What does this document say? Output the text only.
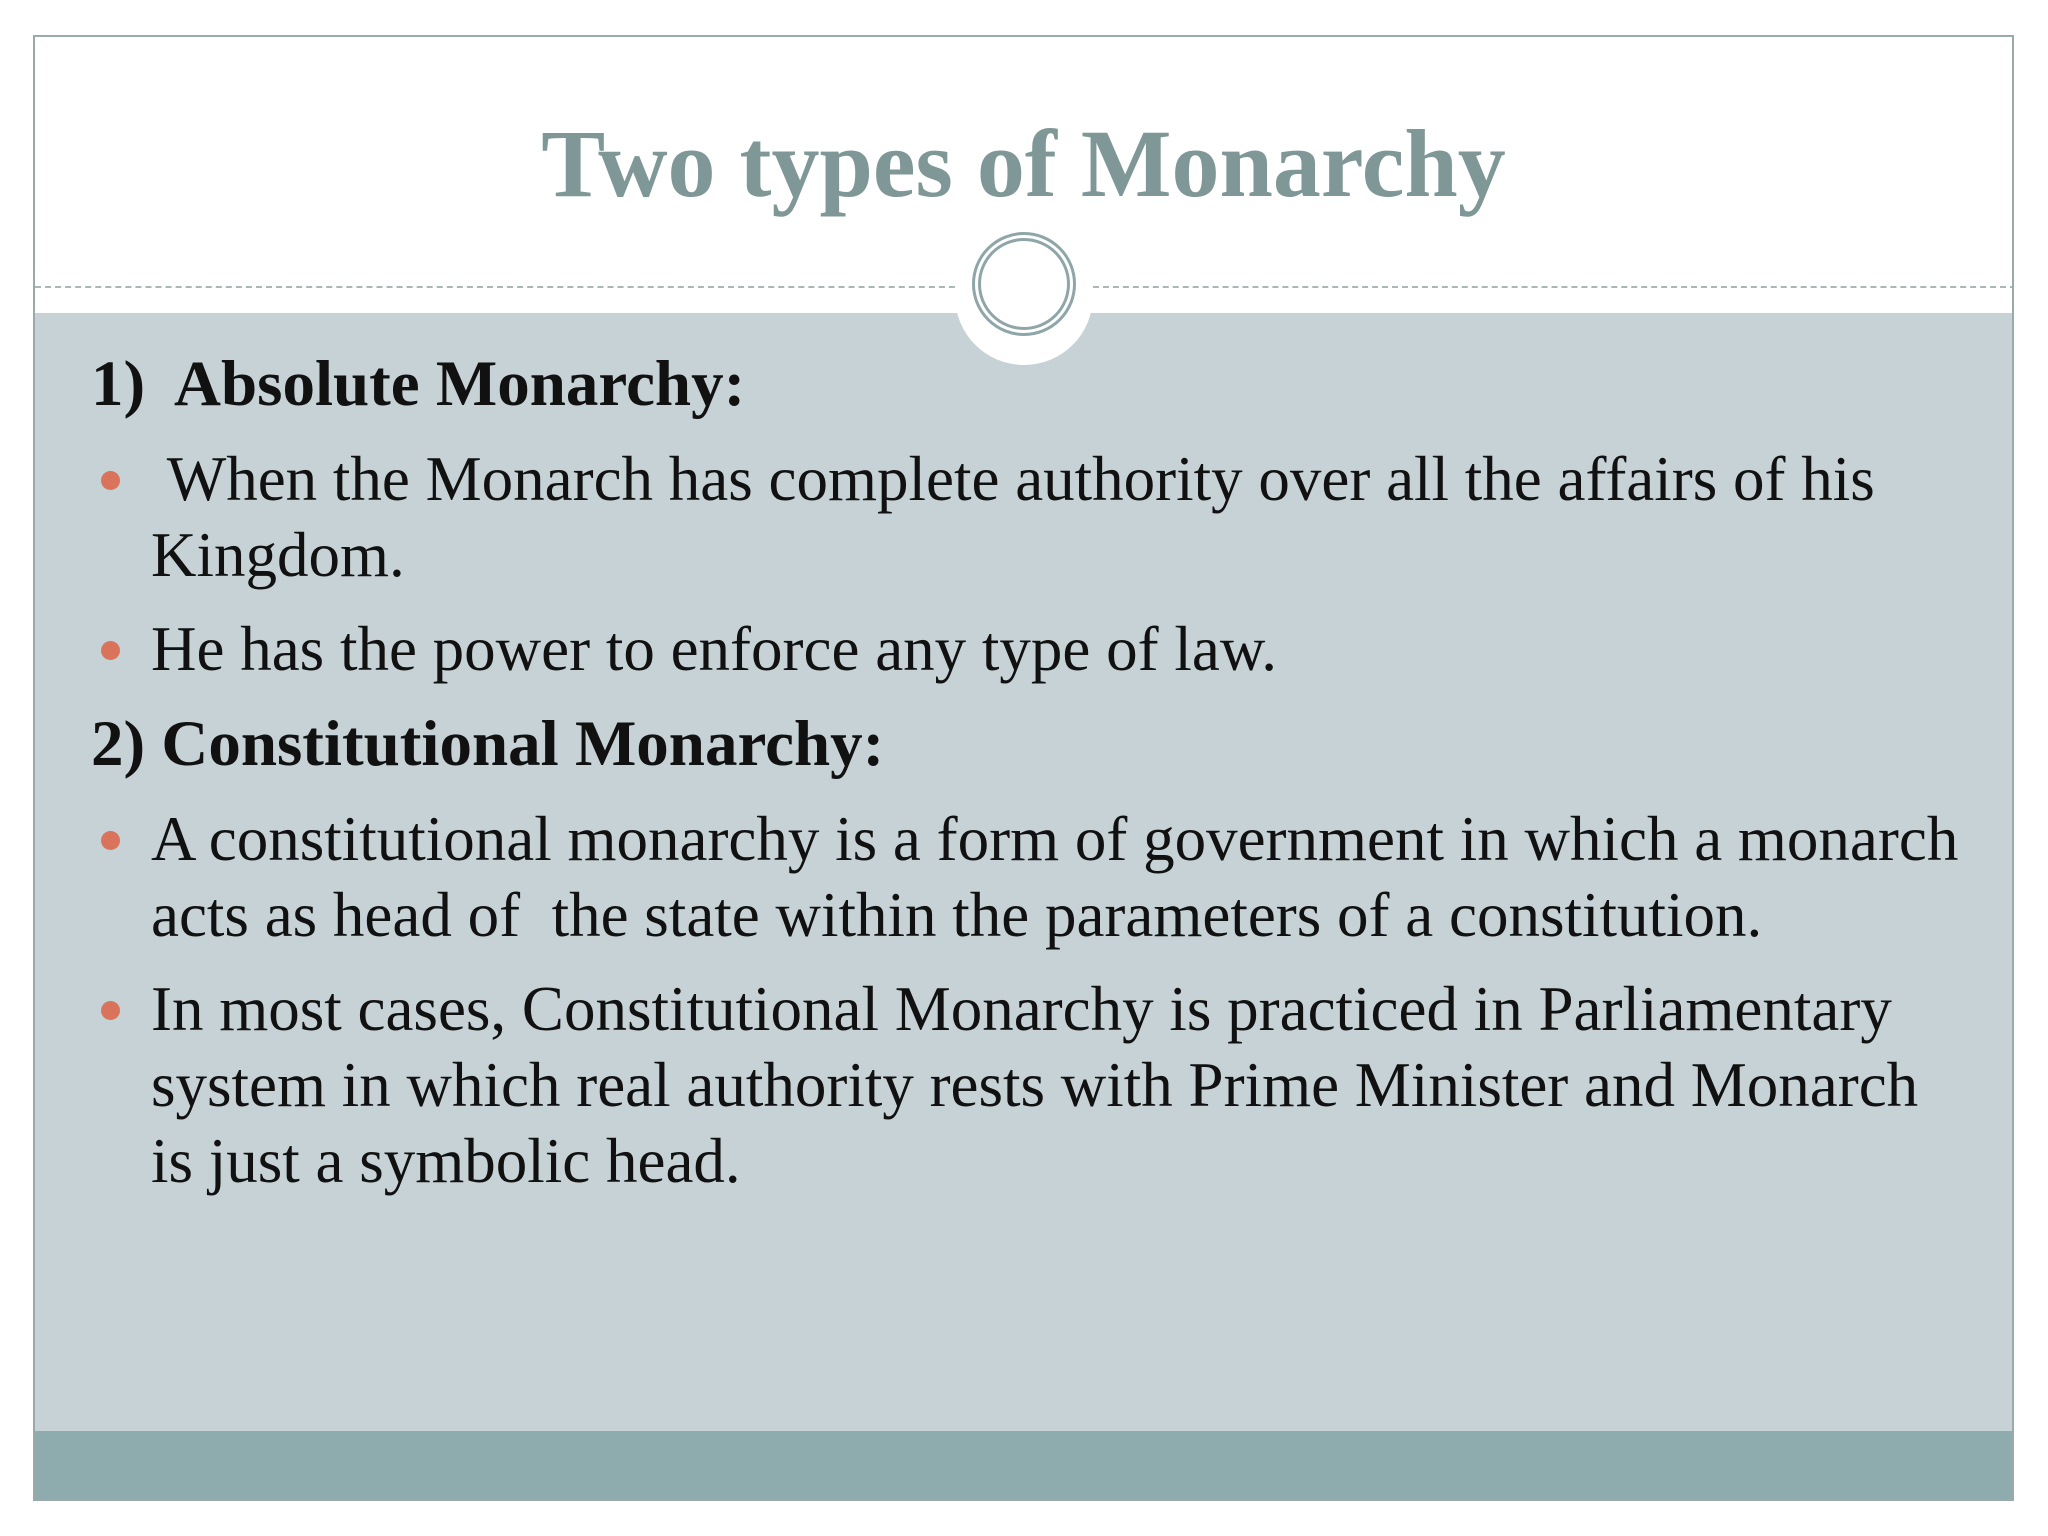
Two types of Monarchy

1)  Absolute Monarchy:

When the Monarch has complete authority over all the affairs of his Kingdom.
He has the power to enforce any type of law.

2) Constitutional Monarchy:

A constitutional monarchy is a form of government in which a monarch acts as head of  the state within the parameters of a constitution.
In most cases, Constitutional Monarchy is practiced in Parliamentary system in which real authority rests with Prime Minister and Monarch is just a symbolic head.
